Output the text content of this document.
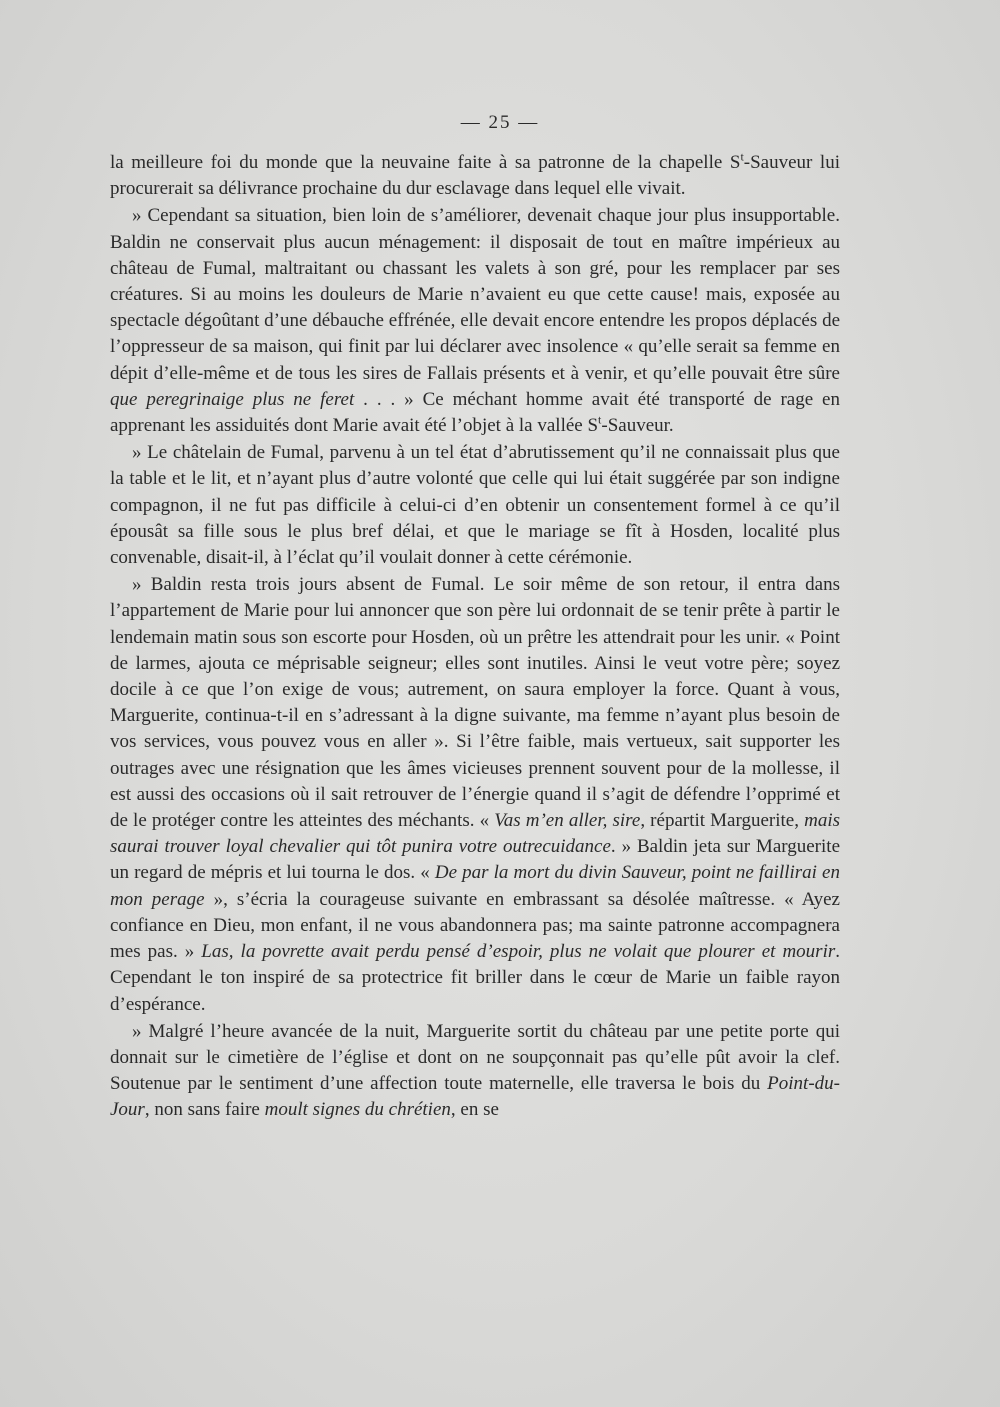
— 25 —

la meilleure foi du monde que la neuvaine faite à sa patronne de la chapelle $S^t$-Sauveur lui procurerait sa délivrance prochaine du dur esclavage dans lequel elle vivait.

» Cependant sa situation, bien loin de s’améliorer, devenait chaque jour plus insupportable. Baldin ne conservait plus aucun ménagement: il disposait de tout en maître impérieux au château de Fumal, maltraitant ou chassant les valets à son gré, pour les remplacer par ses créatures. Si au moins les douleurs de Marie n’avaient eu que cette cause! mais, exposée au spectacle dégoûtant d’une débauche effrénée, elle devait encore entendre les propos déplacés de l’oppresseur de sa maison, qui finit par lui déclarer avec insolence « qu’elle serait sa femme en dépit d’elle-même et de tous les sires de Fallais présents et à venir, et qu’elle pouvait être sûre que peregrinaige plus ne feret . . . » Ce méchant homme avait été transporté de rage en apprenant les assiduités dont Marie avait été l’objet à la vallée $S^t$-Sauveur.

» Le châtelain de Fumal, parvenu à un tel état d’abrutissement qu’il ne connaissait plus que la table et le lit, et n’ayant plus d’autre volonté que celle qui lui était suggérée par son indigne compagnon, il ne fut pas difficile à celui-ci d’en obtenir un consentement formel à ce qu’il épousât sa fille sous le plus bref délai, et que le mariage se fît à Hosden, localité plus convenable, disait-il, à l’éclat qu’il voulait donner à cette cérémonie.

» Baldin resta trois jours absent de Fumal. Le soir même de son retour, il entra dans l’appartement de Marie pour lui annoncer que son père lui ordonnait de se tenir prête à partir le lendemain matin sous son escorte pour Hosden, où un prêtre les attendrait pour les unir. « Point de larmes, ajouta ce méprisable seigneur; elles sont inutiles. Ainsi le veut votre père; soyez docile à ce que l’on exige de vous; autrement, on saura employer la force. Quant à vous, Marguerite, continua-t-il en s’adressant à la digne suivante, ma femme n’ayant plus besoin de vos services, vous pouvez vous en aller ». Si l’être faible, mais vertueux, sait supporter les outrages avec une résignation que les âmes vicieuses prennent souvent pour de la mollesse, il est aussi des occasions où il sait retrouver de l’énergie quand il s’agit de défendre l’opprimé et de le protéger contre les atteintes des méchants. « Vas m’en aller, sire, répartit Marguerite, mais saurai trouver loyal chevalier qui tôt punira votre outrecuidance. » Baldin jeta sur Marguerite un regard de mépris et lui tourna le dos. « De par la mort du divin Sauveur, point ne faillirai en mon perage », s’écria la courageuse suivante en embrassant sa désolée maîtresse. « Ayez confiance en Dieu, mon enfant, il ne vous abandonnera pas; ma sainte patronne accompagnera mes pas. » Las, la povrette avait perdu pensé d’espoir, plus ne volait que plourer et mourir. Cependant le ton inspiré de sa protectrice fit briller dans le cœur de Marie un faible rayon d’espérance.

» Malgré l’heure avancée de la nuit, Marguerite sortit du château par une petite porte qui donnait sur le cimetière de l’église et dont on ne soupçonnait pas qu’elle pût avoir la clef. Soutenue par le sentiment d’une affection toute maternelle, elle traversa le bois du Point-du-Jour, non sans faire moult signes du chrétien, en se
